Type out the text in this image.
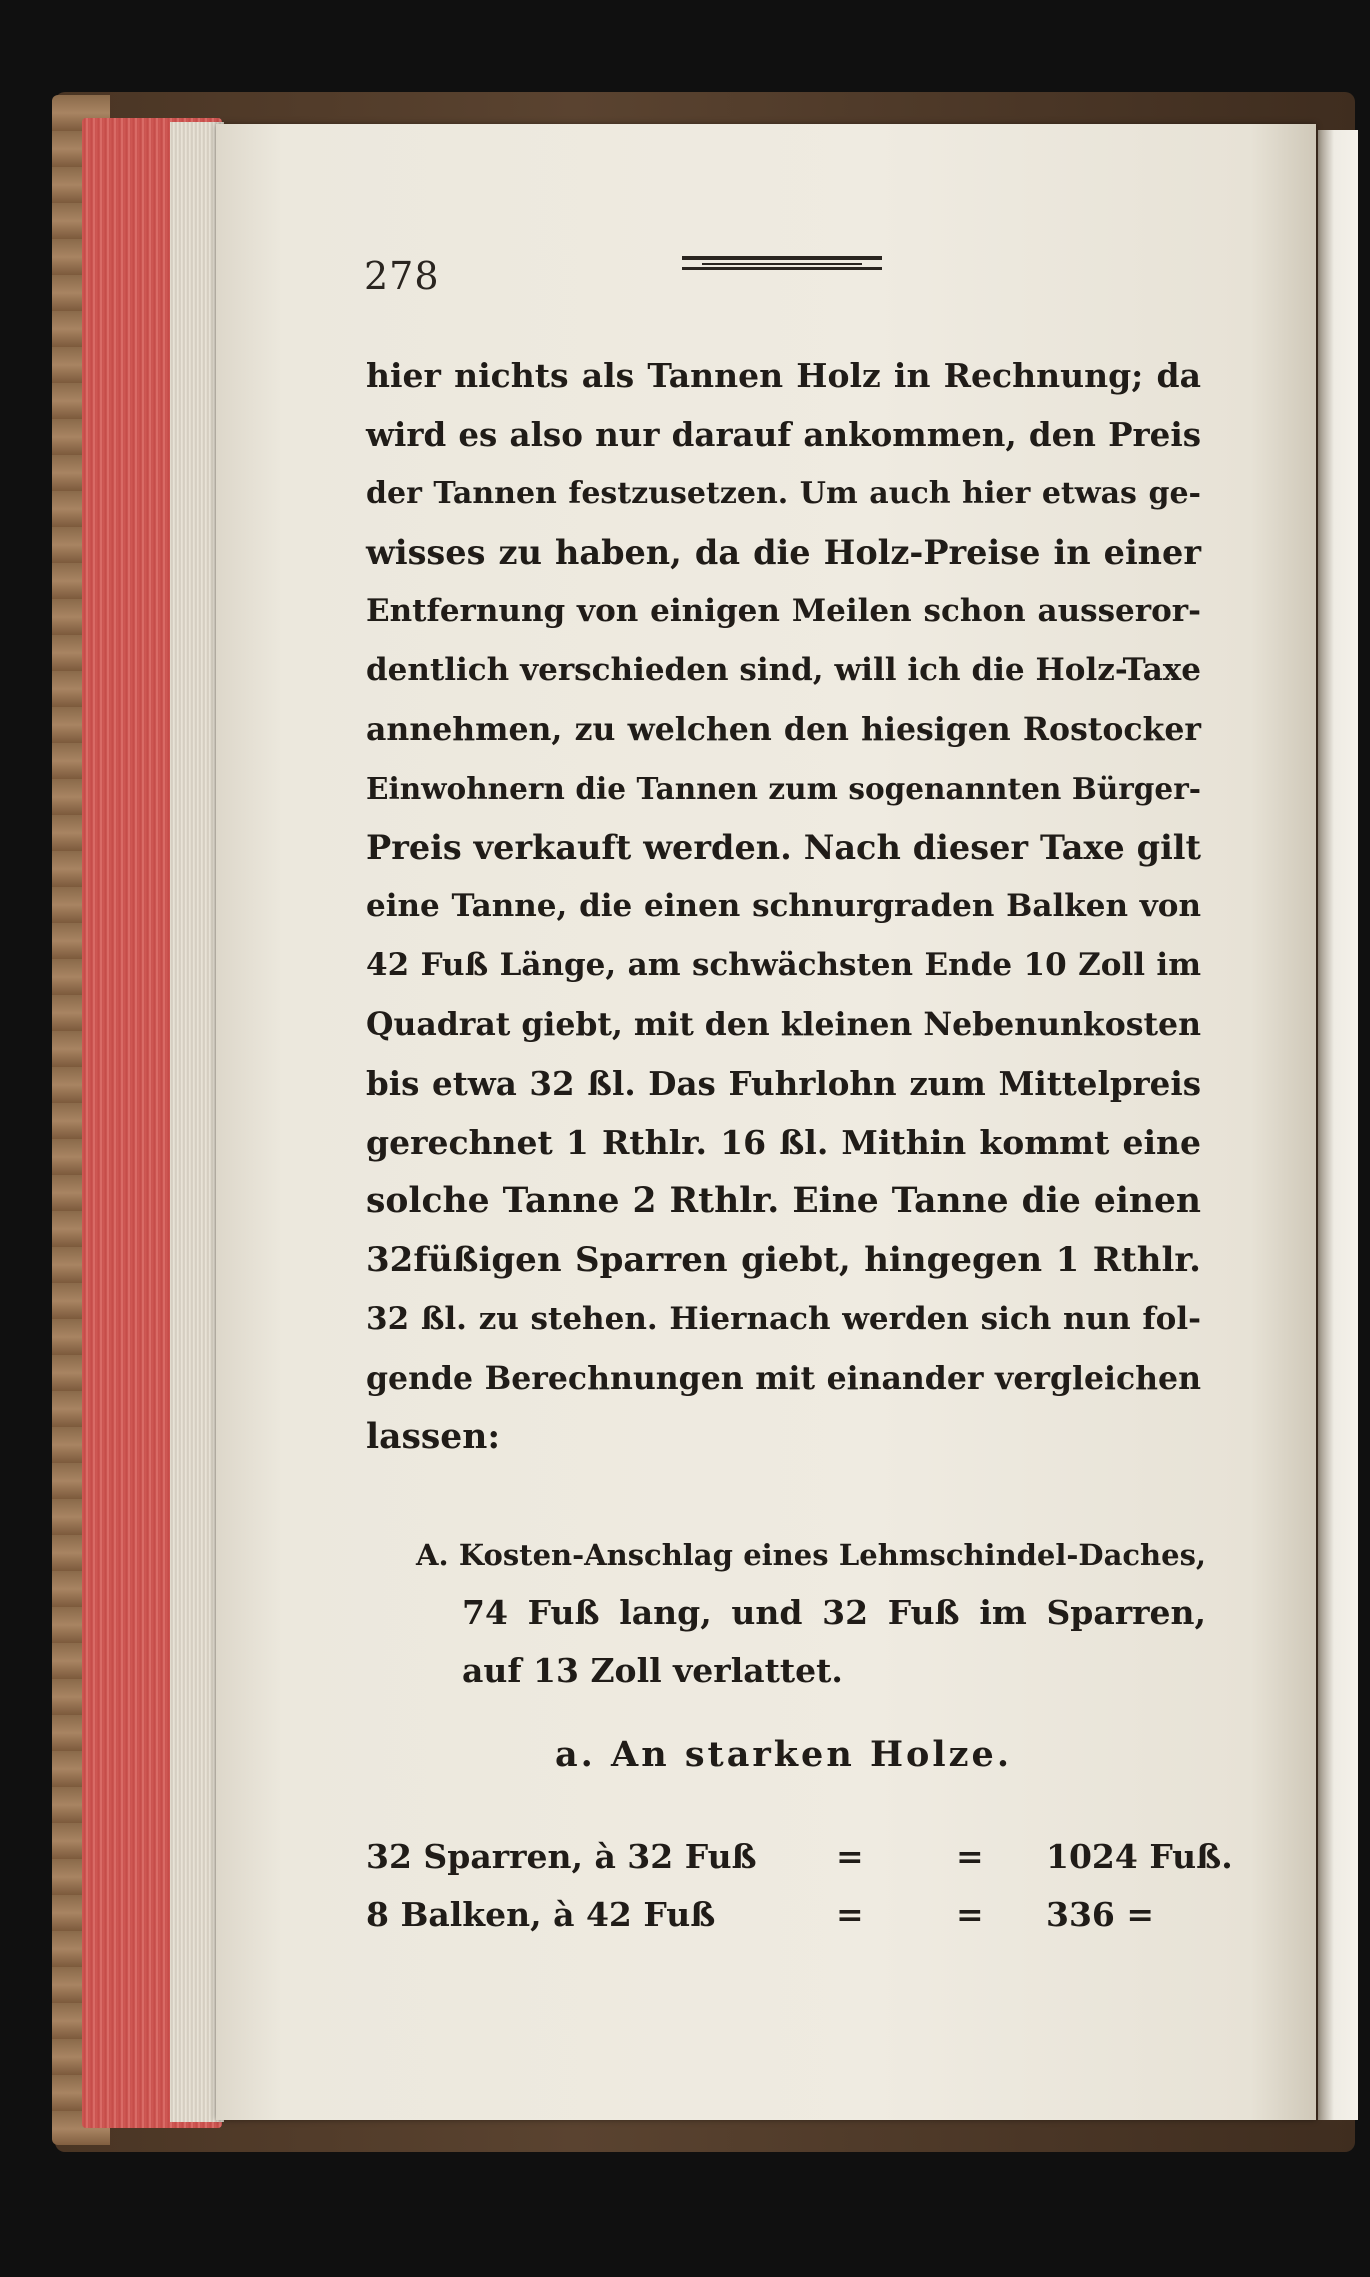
278
hier nichts als Tannen Holz in Rechnung; da
wird es also nur darauf ankommen, den Preis
der Tannen festzusetzen. Um auch hier etwas ge-
wisses zu haben, da die Holz-Preise in einer
Entfernung von einigen Meilen schon ausseror-
dentlich verschieden sind, will ich die Holz-Taxe
annehmen, zu welchen den hiesigen Rostocker
Einwohnern die Tannen zum sogenannten Bürger-
Preis verkauft werden. Nach dieser Taxe gilt
eine Tanne, die einen schnurgraden Balken von
42 Fuß Länge, am schwächsten Ende 10 Zoll im
Quadrat giebt, mit den kleinen Nebenunkosten
bis etwa 32 ßl. Das Fuhrlohn zum Mittelpreis
gerechnet 1 Rthlr. 16 ßl. Mithin kommt eine
solche Tanne 2 Rthlr. Eine Tanne die einen
32füßigen Sparren giebt, hingegen 1 Rthlr.
32 ßl. zu stehen. Hiernach werden sich nun fol-
gende Berechnungen mit einander vergleichen
lassen:
A. Kosten-Anschlag eines Lehmschindel-Daches,
74 Fuß lang, und 32 Fuß im Sparren,
auf 13 Zoll verlattet.
a. An starken Holze.
32 Sparren, à 32 Fuß =	= 1024 Fuß.
8 Balken, à 42 Fuß	=	= 336 =
